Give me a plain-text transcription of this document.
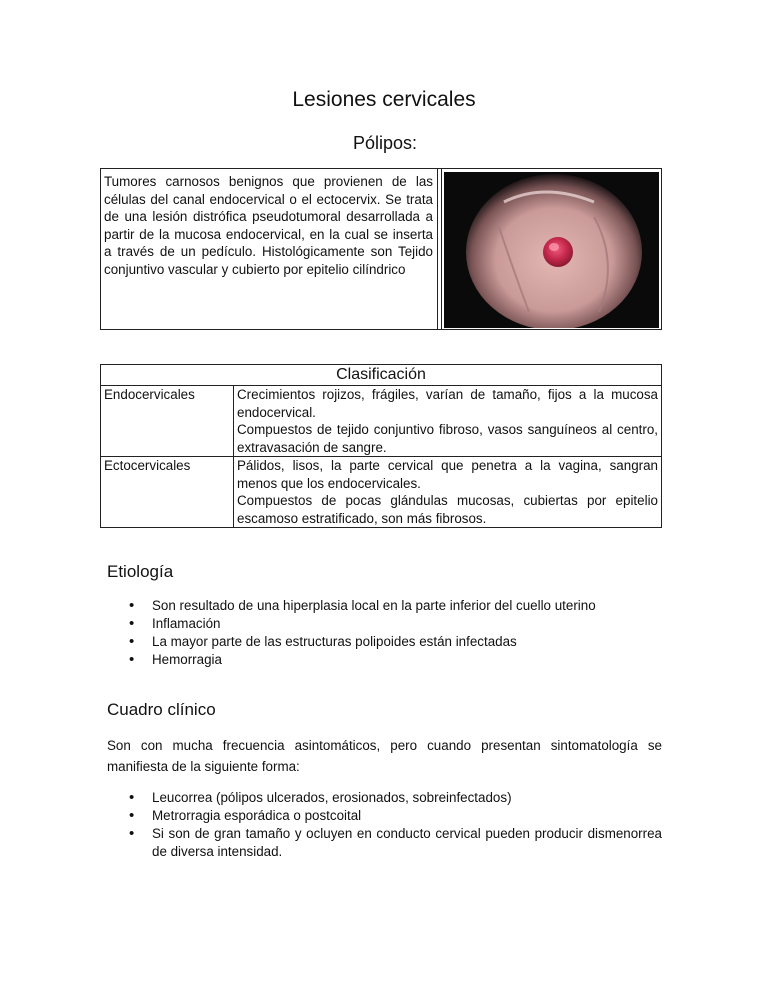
Lesiones cervicales
Pólipos:
Tumores carnosos benignos que provienen de las células del canal endocervical o el ectocervix. Se trata de una lesión distrófica pseudotumoral desarrollada a partir de la mucosa endocervical, en la cual se inserta a través de un pedículo. Histológicamente son Tejido conjuntivo vascular y cubierto por epitelio cilíndrico
Clasificación
Endocervicales	Crecimientos rojizos, frágiles, varían de tamaño, fijos a la mucosa endocervical.

Compuestos de tejido conjuntivo fibroso, vasos sanguíneos al centro, extravasación de sangre.

Ectocervicales	Pálidos, lisos, la parte cervical que penetra a la vagina, sangran menos que los endocervicales.

Compuestos de pocas glándulas mucosas, cubiertas por epitelio escamoso estratificado, son más fibrosos.

Etiología
• Son resultado de una hiperplasia local en la parte inferior del cuello uterino
• Inflamación
• La mayor parte de las estructuras polipoides están infectadas
• Hemorragia
Cuadro clínico
Son con mucha frecuencia asintomáticos, pero cuando presentan sintomatología se manifiesta de la siguiente forma:
• Leucorrea (pólipos ulcerados, erosionados, sobreinfectados)
• Metrorragia esporádica o postcoital
• Si son de gran tamaño y ocluyen en conducto cervical pueden producir dismenorrea de diversa intensidad.
